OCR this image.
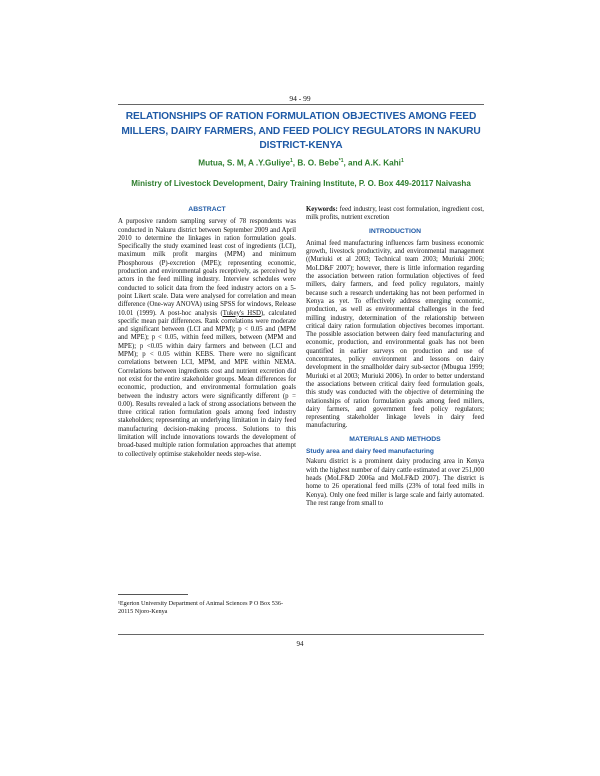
94 - 99
RELATIONSHIPS OF RATION FORMULATION OBJECTIVES AMONG FEED MILLERS, DAIRY FARMERS, AND FEED POLICY REGULATORS IN NAKURU DISTRICT-KENYA
Mutua, S. M, A .Y.Guliye$^1$, B. O. Bebe$^{*1}$, and A.K. Kahi$^1$
Ministry of Livestock Development, Dairy Training Institute, P. O. Box 449-20117 Naivasha
ABSTRACT

A purposive random sampling survey of 78 respondents was conducted in Nakuru district between September 2009 and April 2010 to determine the linkages in ration formulation goals. Specifically the study examined least cost of ingredients (LCI), maximum milk profit margins (MPM) and minimum Phosphorous (P)-excretion (MPE); representing economic, production and environmental goals receptively, as perceived by actors in the feed milling industry. Interview schedules were conducted to solicit data from the feed industry actors on a 5-point Likert scale. Data were analysed for correlation and mean difference (One-way ANOVA) using SPSS for windows, Release 10.01 (1999). A post-hoc analysis (Tukey's HSD), calculated specific mean pair differences. Rank correlations were moderate and significant between (LCI and MPM); p < 0.05 and (MPM and MPE); p < 0.05, within feed millers, between (MPM and MPE); p <0.05 within dairy farmers and between (LCI and MPM); p < 0.05 within KEBS. There were no significant correlations between LCI, MPM, and MPE within NEMA. Correlations between ingredients cost and nutrient excretion did not exist for the entire stakeholder groups. Mean differences for economic, production, and environmental formulation goals between the industry actors were significantly different (p = 0.00). Results revealed a lack of strong associations between the three critical ration formulation goals among feed industry stakeholders; representing an underlying limitation in dairy feed manufacturing decision-making process. Solutions to this limitation will include innovations towards the development of broad-based multiple ration formulation approaches that attempt to collectively optimise stakeholder needs step-wise.

¹Egerton University Department of Animal Sciences P O Box 536-20115 Njoro-Kenya

Keywords: feed industry, least cost formulation, ingredient cost, milk profits, nutrient excretion

INTRODUCTION

Animal feed manufacturing influences farm business economic growth, livestock productivity, and environmental management ((Muriuki et al 2003; Technical team 2003; Muriuki 2006; MoLD&F 2007); however, there is little information regarding the association between ration formulation objectives of feed millers, dairy farmers, and feed policy regulators, mainly because such a research undertaking has not been performed in Kenya as yet. To effectively address emerging economic, production, as well as environmental challenges in the feed milling industry, determination of the relationship between critical dairy ration formulation objectives becomes important. The possible association between dairy feed manufacturing and economic, production, and environmental goals has not been quantified in earlier surveys on production and use of concentrates, policy environment and lessons on dairy development in the smallholder dairy sub-sector (Mbugua 1999; Muriuki et al 2003; Muriuki 2006). In order to better understand the associations between critical dairy feed formulation goals, this study was conducted with the objective of determining the relationships of ration formulation goals among feed millers, dairy farmers, and government feed policy regulators; representing stakeholder linkage levels in dairy feed manufacturing.

MATERIALS AND METHODS
Study area and dairy feed manufacturing

Nakuru district is a prominent dairy producing area in Kenya with the highest number of dairy cattle estimated at over 251,000 heads (MoLF&D 2006a and MoLF&D 2007). The district is home to 26 operational feed mills (23% of total feed mills in Kenya). Only one feed miller is large scale and fairly automated. The rest range from small to

94
